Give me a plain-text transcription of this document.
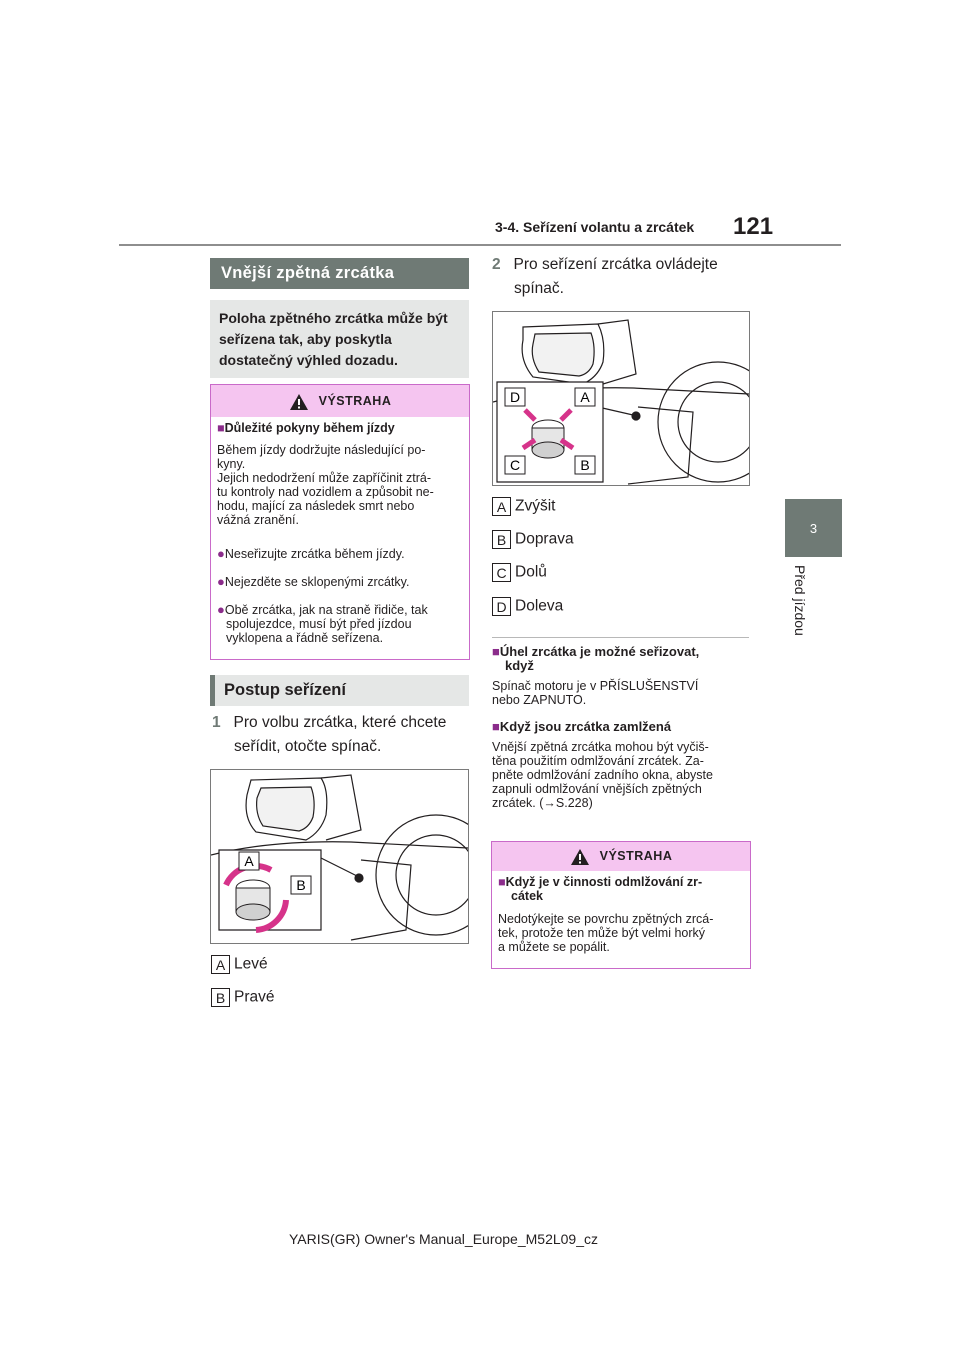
3-4. Seřízení volantu a zrcátek 121
3
Před jízdou
Vnější zpětná zrcátka
Poloha zpětného zrcátka může být seřízena tak, aby poskytla dostatečný výhled dozadu.
VÝSTRAHA
■Důležité pokyny během jízdy
Během jízdy dodržujte následující po-
kyny.
Jejich nedodržení může zapříčinit ztrá-
tu kontroly nad vozidlem a způsobit ne-
hodu, mající za následek smrt nebo
vážná zranění.
●Neseřizujte zrcátka během jízdy.
●Nejezděte se sklopenými zrcátky.
●Obě zrcátka, jak na straně řidiče, tak
spolujezdce, musí být před jízdou
vyklopena a řádně seřízena.
Postup seřízení
1 Pro volbu zrcátka, které chcete
seřídit, otočte spínač.
A
B
A Levé
B Pravé
2 Pro seřízení zrcátka ovládejte
spínač.
D	A
C	B
A Zvýšit
B Doprava
C Dolů
D Doleva
■Úhel zrcátka je možné seřizovat,
když
Spínač motoru je v PŘÍSLUŠENSTVÍ
nebo ZAPNUTO.
■Když jsou zrcátka zamlžená
Vnější zpětná zrcátka mohou být vyčiš-
těna použitím odmlžování zrcátek. Za-
pněte odmlžování zadního okna, abyste
zapnuli odmlžování vnějších zpětných
zrcátek. (→S.228)
VÝSTRAHA
■Když je v činnosti odmlžování zr-
cátek
Nedotýkejte se povrchu zpětných zrcá-
tek, protože ten může být velmi horký
a můžete se popálit.
YARIS(GR) Owner's Manual_Europe_M52L09_cz
